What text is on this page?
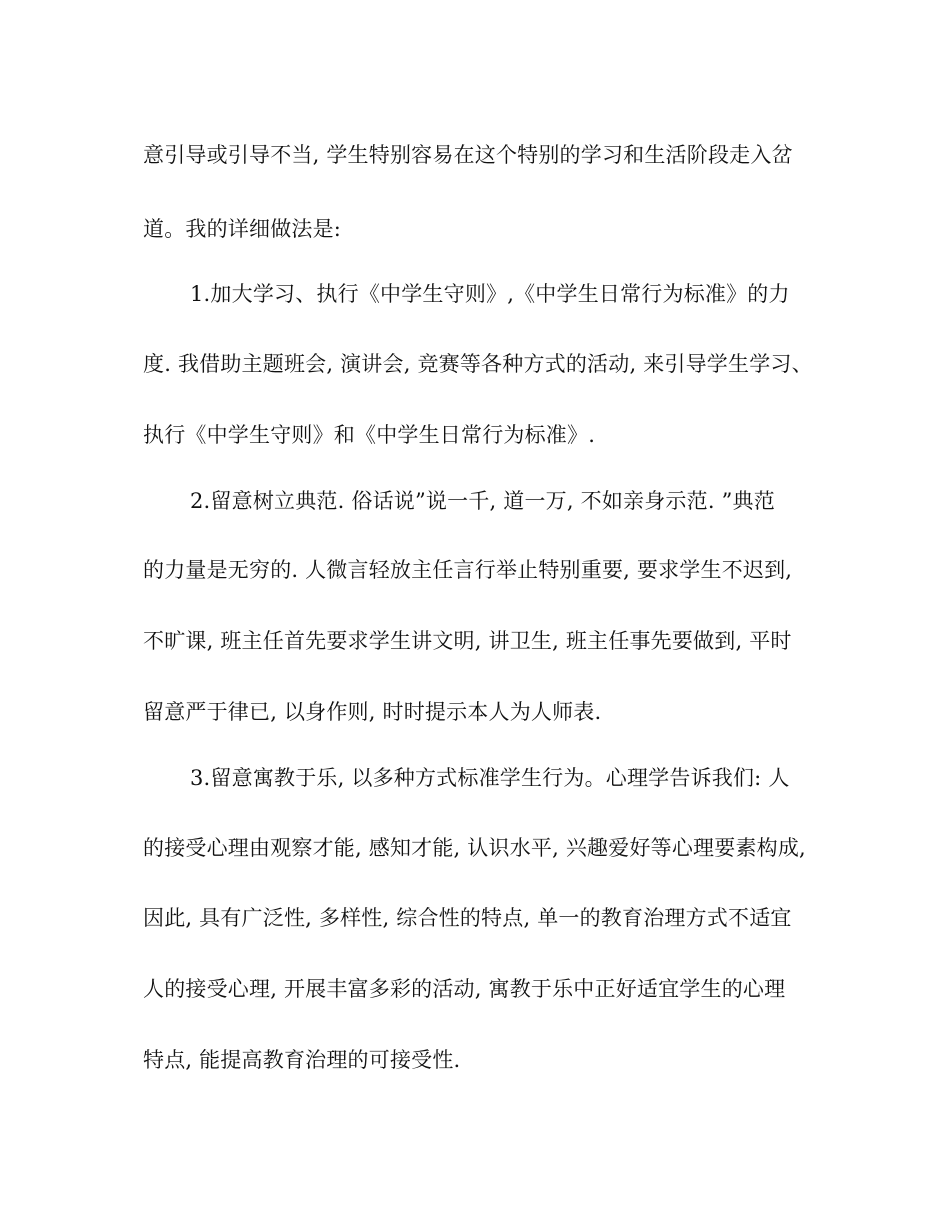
意引导或引导不当, 学生特别容易在这个特别的学习和生活阶段走入岔
道。我的详细做法是:
1.加大学习、执行《中学生守则》,《中学生日常行为标准》的力
度. 我借助主题班会, 演讲会, 竞赛等各种方式的活动, 来引导学生学习、
执行《中学生守则》和《中学生日常行为标准》.
2.留意树立典范. 俗话说”说一千, 道一万, 不如亲身示范. ”典范
的力量是无穷的. 人微言轻放主任言行举止特别重要, 要求学生不迟到,
不旷课, 班主任首先要求学生讲文明, 讲卫生, 班主任事先要做到, 平时
留意严于律已, 以身作则, 时时提示本人为人师表.
3.留意寓教于乐, 以多种方式标准学生行为。心理学告诉我们: 人
的接受心理由观察才能, 感知才能, 认识水平, 兴趣爱好等心理要素构成,
因此, 具有广泛性, 多样性, 综合性的特点, 单一的教育治理方式不适宜
人的接受心理, 开展丰富多彩的活动, 寓教于乐中正好适宜学生的心理
特点, 能提高教育治理的可接受性.
